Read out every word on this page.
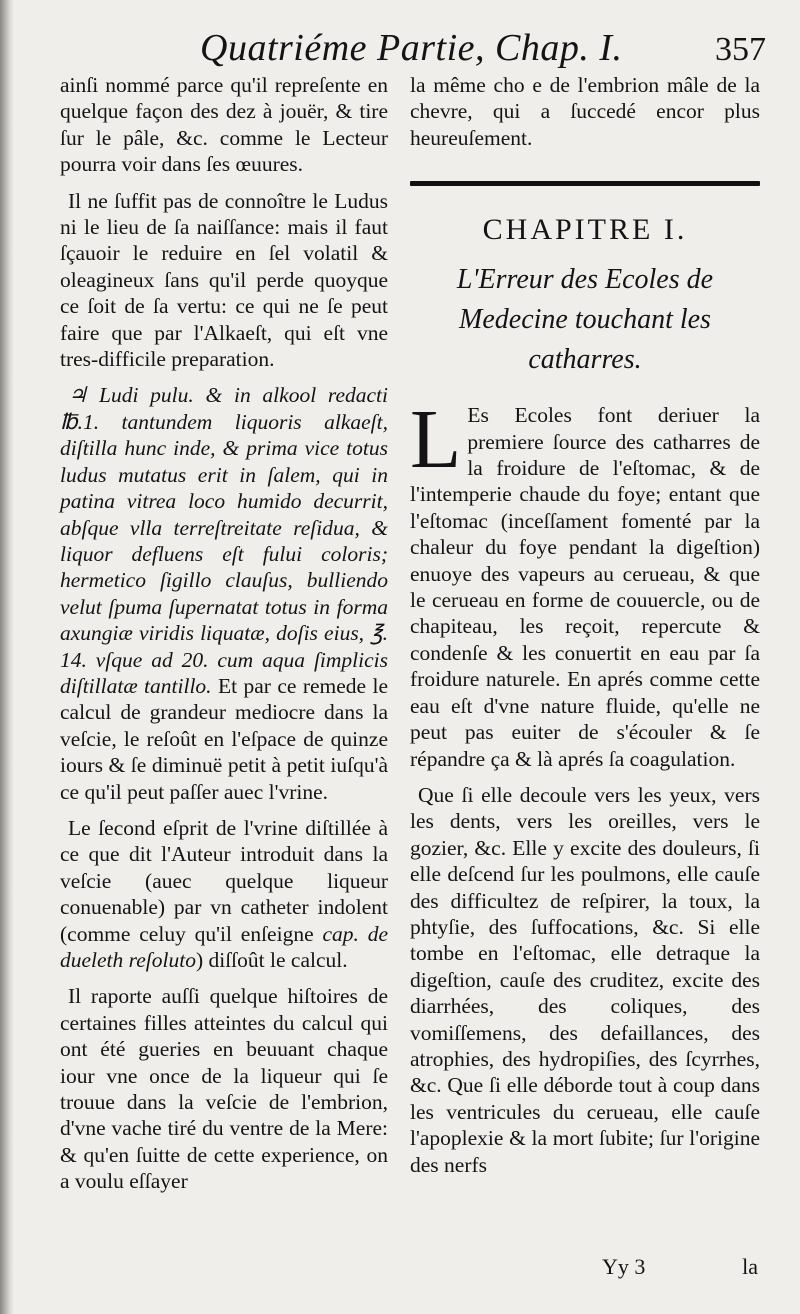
Quatriéme Partie, Chap. I.	357

ainſi nommé parce qu'il repreſente en quelque façon des dez à jouër, & tire ſur le pâle, &c. comme le Lecteur pourra voir dans ſes œuures.

Il ne ſuffit pas de connoître le Ludus ni le lieu de ſa naiſſance: mais il faut ſçauoir le reduire en ſel volatil & oleagineux ſans qu'il perde quoyque ce ſoit de ſa vertu: ce qui ne ſe peut faire que par l'Alkaeſt, qui eſt vne tres-difficile preparation.

♃ Ludi pulu. & in alkool redacti ℔.1. tantundem liquoris alkaeſt, diſtilla hunc inde, & prima vice totus ludus mutatus erit in ſalem, qui in patina vitrea loco humido decurrit, abſque vlla terreſtreitate reſidua, & liquor defluens eſt fului coloris; hermetico ſigillo clauſus, bulliendo velut ſpuma ſupernatat totus in forma axungiæ viridis liquatæ, doſis eius, ℥. 14. vſque ad 20. cum aqua ſimplicis diſtillatæ tantillo. Et par ce remede le calcul de grandeur mediocre dans la veſcie, le reſoût en l'eſpace de quinze iours & ſe diminuë petit à petit iuſqu'à ce qu'il peut paſſer auec l'vrine.

Le ſecond eſprit de l'vrine diſtillée à ce que dit l'Auteur introduit dans la veſcie (auec quelque liqueur conuenable) par vn catheter indolent (comme celuy qu'il enſeigne cap. de dueleth reſoluto) diſſoût le calcul.

Il raporte auſſi quelque hiſtoires de certaines filles atteintes du calcul qui ont été gueries en beuuant chaque iour vne once de la liqueur qui ſe trouue dans la veſcie de l'embrion, d'vne vache tiré du ventre de la Mere: & qu'en ſuitte de cette experience, on a voulu eſſayer

la même cho e de l'embrion mâle de la chevre, qui a ſuccedé encor plus heureuſement.

CHAPITRE I.
L'Erreur des Ecoles de Medecine touchant les catharres.

L Es Ecoles font deriuer la premiere ſource des catharres de la froidure de l'eſtomac, & de l'intemperie chaude du foye; entant que l'eſtomac (inceſſament fomenté par la chaleur du foye pendant la digeſtion) enuoye des vapeurs au cerueau, & que le cerueau en forme de couuercle, ou de chapiteau, les reçoit, repercute & condenſe & les conuertit en eau par ſa froidure naturele. En aprés comme cette eau eſt d'vne nature fluide, qu'elle ne peut pas euiter de s'écouler & ſe répandre ça & là aprés ſa coagulation.

Que ſi elle decoule vers les yeux, vers les dents, vers les oreilles, vers le gozier, &c. Elle y excite des douleurs, ſi elle deſcend ſur les poulmons, elle cauſe des difficultez de reſpirer, la toux, la phtyſie, des ſuffocations, &c. Si elle tombe en l'eſtomac, elle detraque la digeſtion, cauſe des cruditez, excite des diarrhées, des coliques, des vomiſſemens, des defaillances, des atrophies, des hydropiſies, des ſcyrrhes, &c. Que ſi elle déborde tout à coup dans les ventricules du cerueau, elle cauſe l'apoplexie & la mort ſubite; ſur l'origine des nerfs

Yy 3	la
